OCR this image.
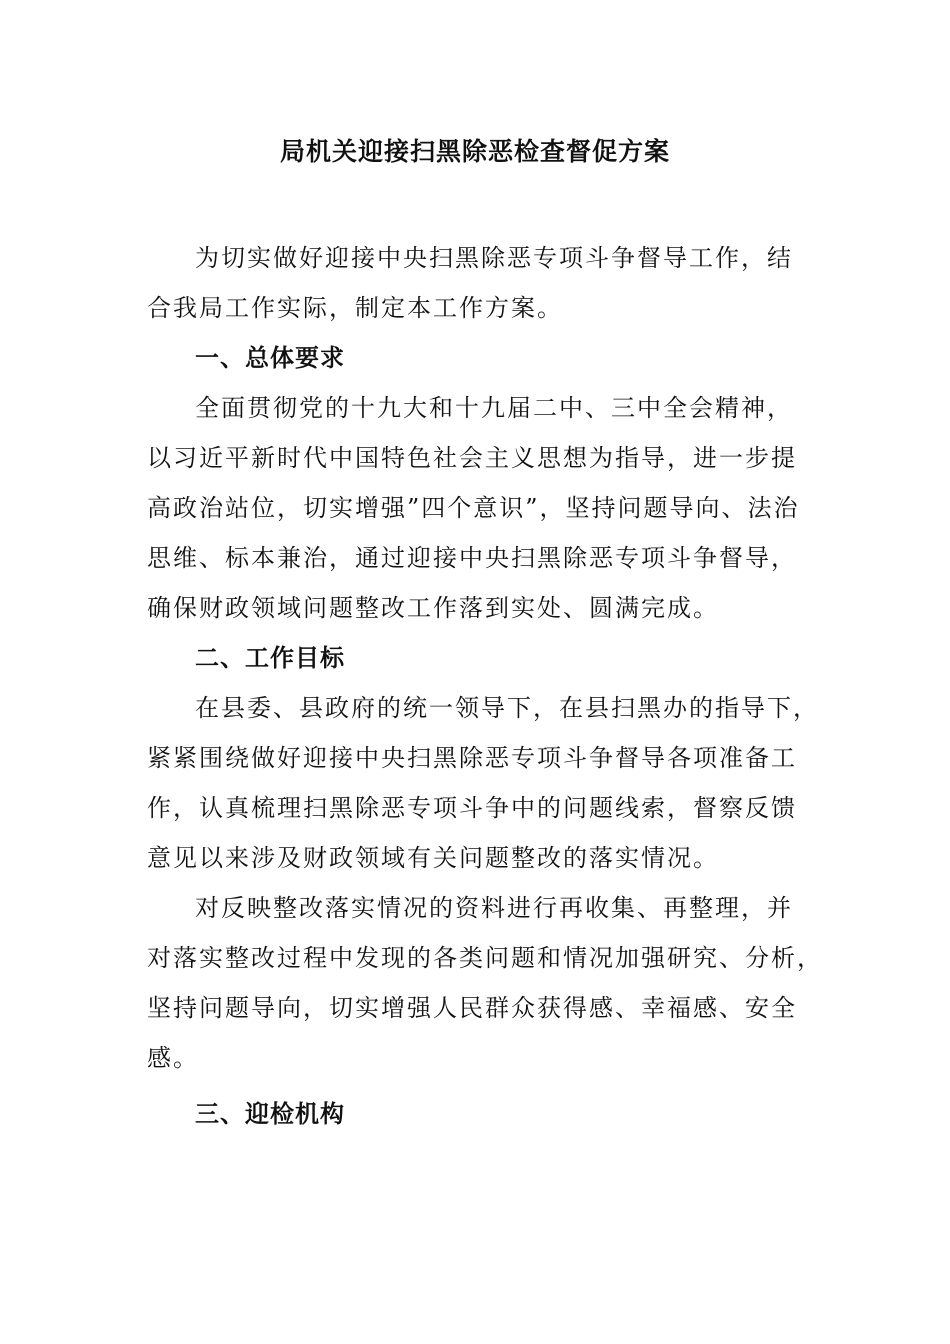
局机关迎接扫黑除恶检查督促方案

为切实做好迎接中央扫黑除恶专项斗争督导工作，结
合我局工作实际，制定本工作方案。

一、总体要求

全面贯彻党的十九大和十九届二中、三中全会精神，
以习近平新时代中国特色社会主义思想为指导，进一步提
高政治站位，切实增强”四个意识”，坚持问题导向、法治
思维、标本兼治，通过迎接中央扫黑除恶专项斗争督导，
确保财政领域问题整改工作落到实处、圆满完成。

二、工作目标

在县委、县政府的统一领导下，在县扫黑办的指导下，
紧紧围绕做好迎接中央扫黑除恶专项斗争督导各项准备工
作，认真梳理扫黑除恶专项斗争中的问题线索，督察反馈
意见以来涉及财政领域有关问题整改的落实情况。

对反映整改落实情况的资料进行再收集、再整理，并
对落实整改过程中发现的各类问题和情况加强研究、分析，
坚持问题导向，切实增强人民群众获得感、幸福感、安全
感。

三、迎检机构
